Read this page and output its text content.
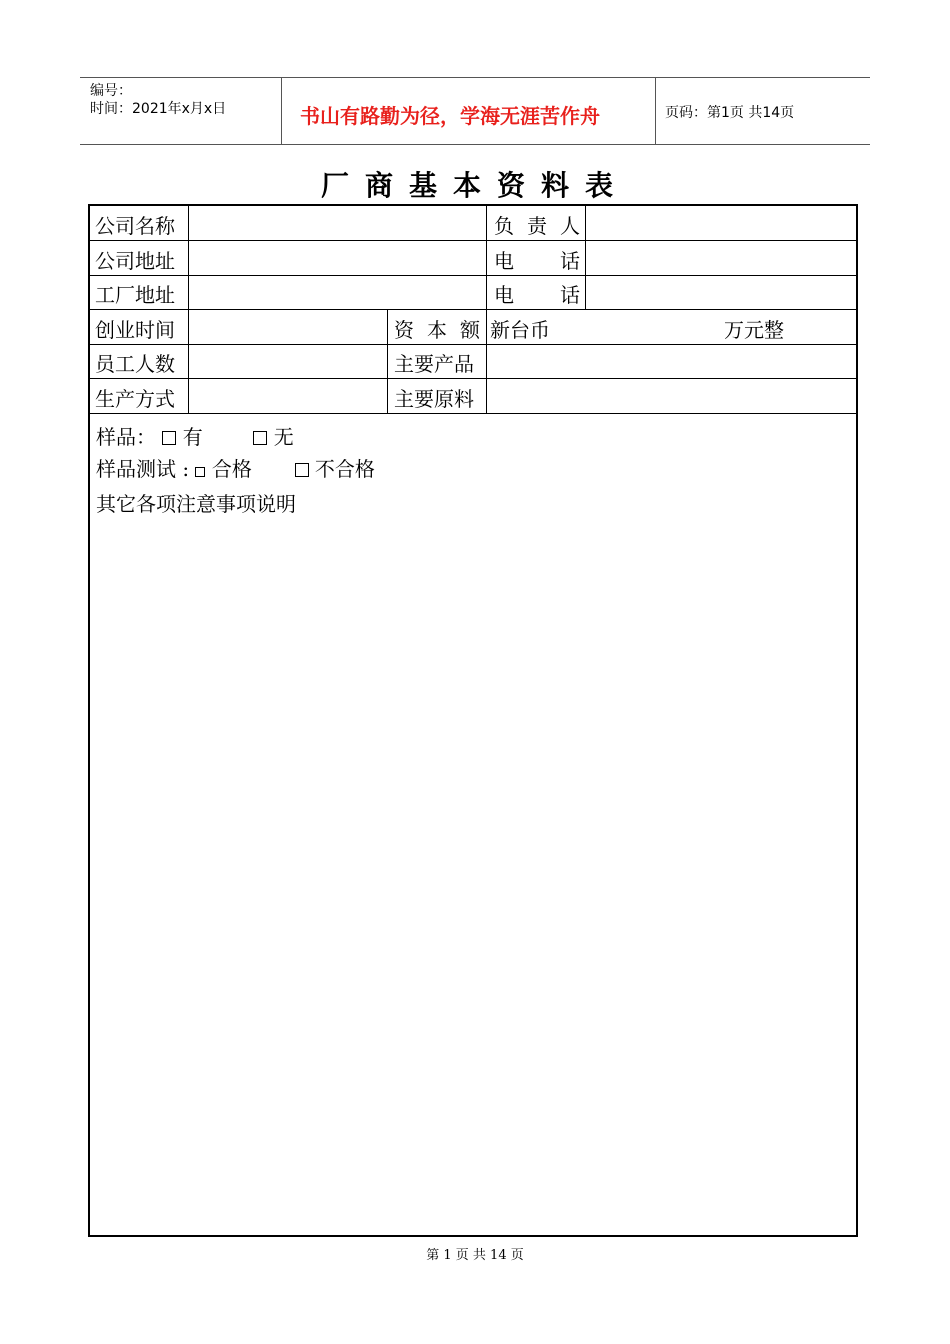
编号：
时间：2021年x月x日	书山有路勤为径，学海无涯苦作舟	页码：第1页 共14页
厂商基本资料表
公司名称	负 责 人
公司地址	电 话
工厂地址	电 话
创业时间	资 本 额 新台币	万元整
员工人数	主要产品
生产方式	主要原料
样品： 有	无
样品测试 : 合格	不合格
其它各项注意事项说明
第 1 页 共 14 页
